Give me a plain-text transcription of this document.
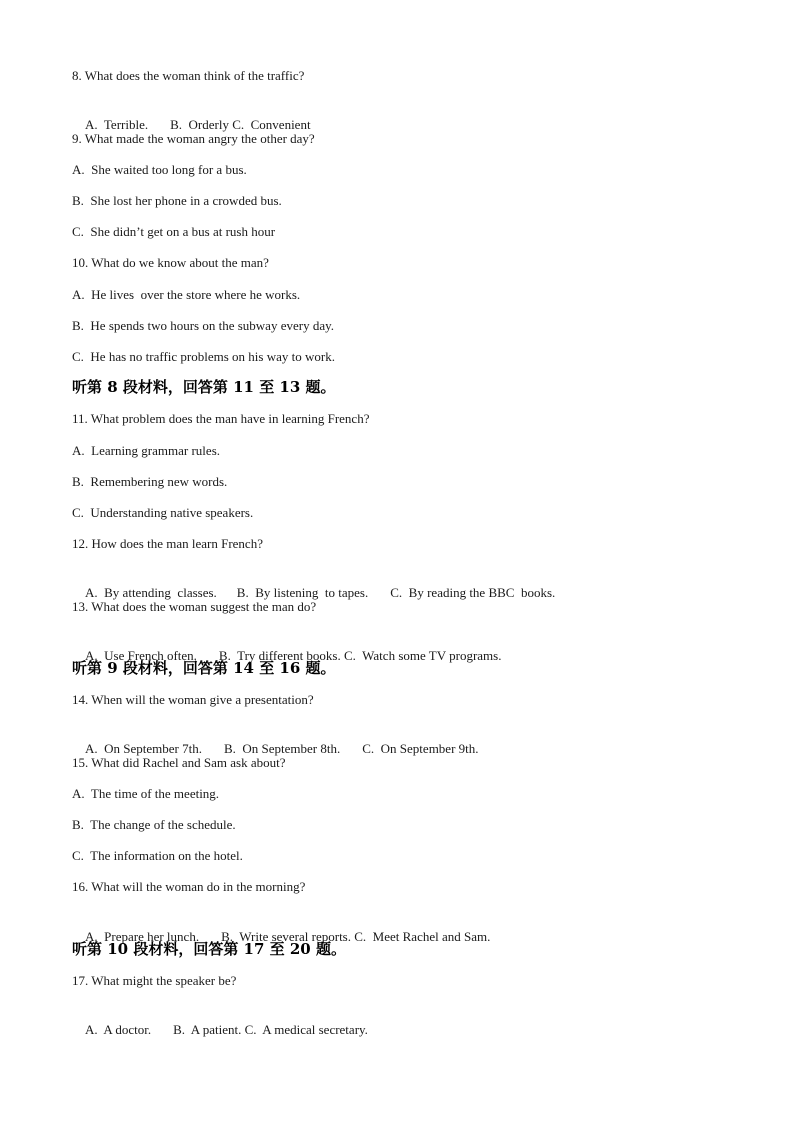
8. What does the woman think of the traffic?

A.  Terrible. B.  Orderly C.  Convenient

9. What made the woman angry the other day?
A.  She waited too long for a bus.
B.  She lost her phone in a crowded bus.
C.  She didn’t get on a bus at rush hour
10. What do we know about the man?
A.  He lives  over the store where he works.
B.  He spends two hours on the subway every day.
C.  He has no traffic problems on his way to work.
听第 8 段材料，回答第 11 至 13 题。
11. What problem does the man have in learning French?
A.  Learning grammar rules.
B.  Remembering new words.
C.  Understanding native speakers.
12. How does the man learn French?

A.  By attending  classes. B.  By listening  to tapes. C.  By reading the BBC  books.

13. What does the woman suggest the man do?

A.  Use French often. B.  Try different books. C.  Watch some TV programs.

听第 9 段材料，回答第 14 至 16 题。
14. When will the woman give a presentation?

A.  On September 7th. B.  On September 8th. C.  On September 9th.

15. What did Rachel and Sam ask about?
A.  The time of the meeting.
B.  The change of the schedule.
C.  The information on the hotel.
16. What will the woman do in the morning?

A.  Prepare her lunch. B.  Write several reports. C.  Meet Rachel and Sam.

听第 10 段材料，回答第 17 至 20 题。
17. What might the speaker be?

A.  A doctor. B.  A patient. C.  A medical secretary.
